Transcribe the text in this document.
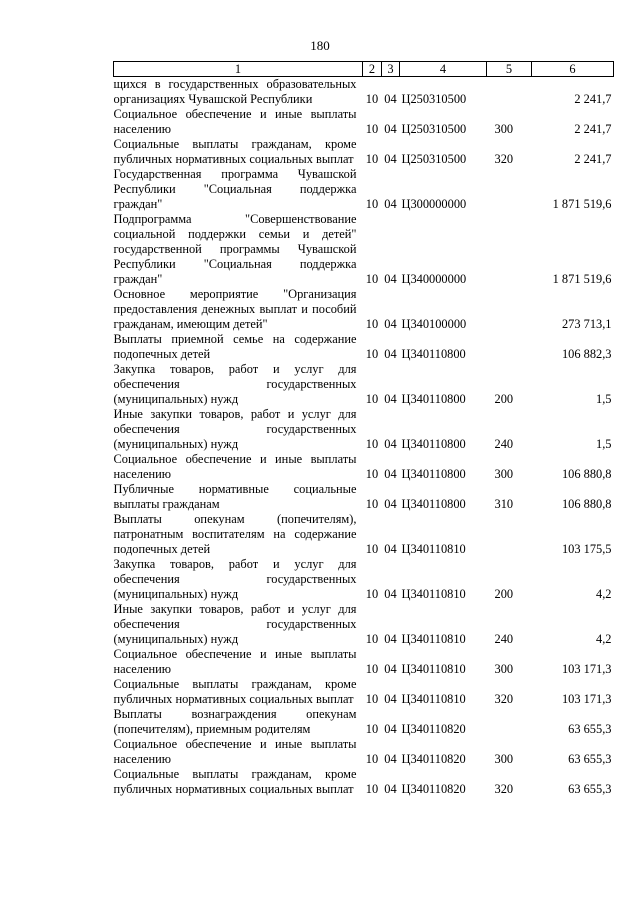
180
1	2	3	4	5	6
щихся в государственных образовательных организациях Чувашской Республики	10	04	Ц250310500		2 241,7
Социальное обеспечение и иные выплаты населению	10	04	Ц250310500	300	2 241,7
Социальные выплаты гражданам, кроме публичных нормативных социальных выплат	10	04	Ц250310500	320	2 241,7
Государственная программа Чувашской Республики "Социальная поддержка граждан"	10	04	Ц300000000		1 871 519,6
Подпрограмма "Совершенствование социальной поддержки семьи и детей" государственной программы Чувашской Республики "Социальная поддержка граждан"	10	04	Ц340000000		1 871 519,6
Основное мероприятие "Организация предоставления денежных выплат и пособий гражданам, имеющим детей"	10	04	Ц340100000		273 713,1
Выплаты приемной семье на содержание подопечных детей	10	04	Ц340110800		106 882,3
Закупка товаров, работ и услуг для обеспечения государственных (муниципальных) нужд	10	04	Ц340110800	200	1,5
Иные закупки товаров, работ и услуг для обеспечения государственных (муниципальных) нужд	10	04	Ц340110800	240	1,5
Социальное обеспечение и иные выплаты населению	10	04	Ц340110800	300	106 880,8
Публичные нормативные социальные выплаты гражданам	10	04	Ц340110800	310	106 880,8
Выплаты опекунам (попечителям), патронатным воспитателям на содержание подопечных детей	10	04	Ц340110810		103 175,5
Закупка товаров, работ и услуг для обеспечения государственных (муниципальных) нужд	10	04	Ц340110810	200	4,2
Иные закупки товаров, работ и услуг для обеспечения государственных (муниципальных) нужд	10	04	Ц340110810	240	4,2
Социальное обеспечение и иные выплаты населению	10	04	Ц340110810	300	103 171,3
Социальные выплаты гражданам, кроме публичных нормативных социальных выплат	10	04	Ц340110810	320	103 171,3
Выплаты вознаграждения опекунам (попечителям), приемным родителям	10	04	Ц340110820		63 655,3
Социальное обеспечение и иные выплаты населению	10	04	Ц340110820	300	63 655,3
Социальные выплаты гражданам, кроме публичных нормативных социальных выплат	10	04	Ц340110820	320	63 655,3
